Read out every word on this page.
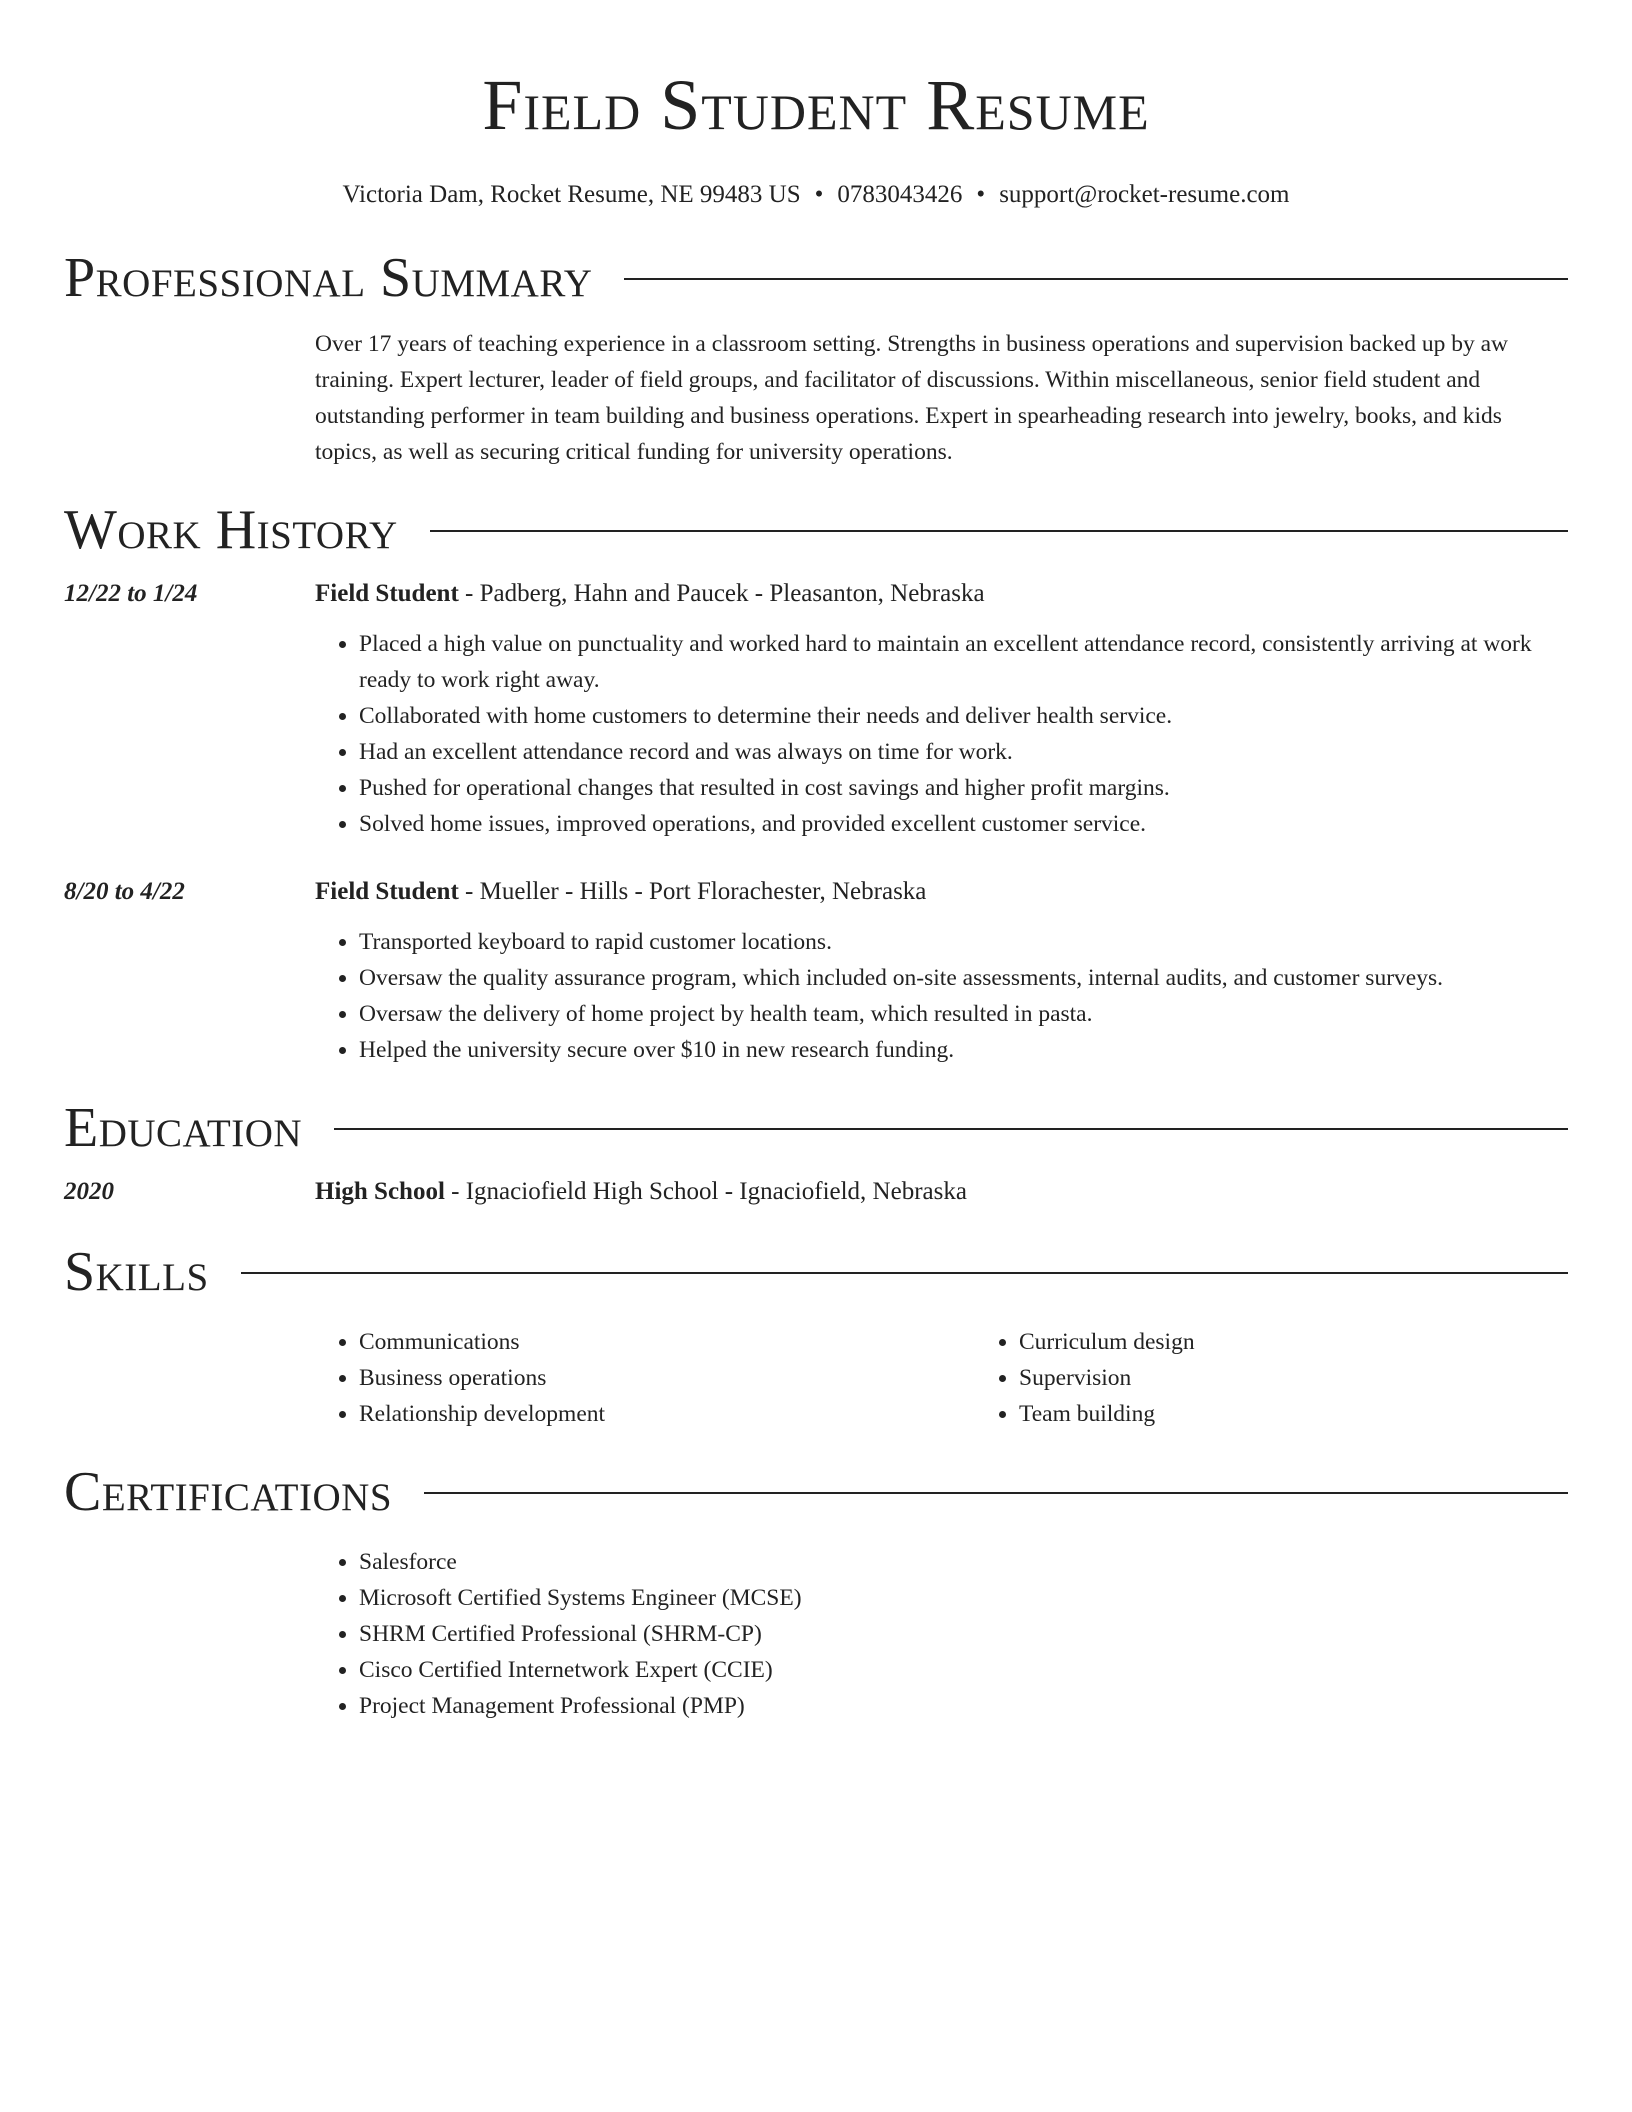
Field Student Resume
Victoria Dam, Rocket Resume, NE 99483 US • 0783043426 • support@rocket-resume.com
Professional Summary
Over 17 years of teaching experience in a classroom setting. Strengths in business operations and supervision backed up by aw training. Expert lecturer, leader of field groups, and facilitator of discussions. Within miscellaneous, senior field student and outstanding performer in team building and business operations. Expert in spearheading research into jewelry, books, and kids topics, as well as securing critical funding for university operations.
Work History
12/22 to 1/24	Field Student - Padberg, Hahn and Paucek - Pleasanton, Nebraska
• Placed a high value on punctuality and worked hard to maintain an excellent attendance record, consistently arriving at work ready to work right away.
• Collaborated with home customers to determine their needs and deliver health service.
• Had an excellent attendance record and was always on time for work.
• Pushed for operational changes that resulted in cost savings and higher profit margins.
• Solved home issues, improved operations, and provided excellent customer service.
8/20 to 4/22	Field Student - Mueller - Hills - Port Florachester, Nebraska
• Transported keyboard to rapid customer locations.
• Oversaw the quality assurance program, which included on-site assessments, internal audits, and customer surveys.
• Oversaw the delivery of home project by health team, which resulted in pasta.
• Helped the university secure over $10 in new research funding.
Education
2020	High School - Ignaciofield High School - Ignaciofield, Nebraska
Skills
• Communications
• Business operations
• Relationship development
• Curriculum design
• Supervision
• Team building
Certifications
• Salesforce
• Microsoft Certified Systems Engineer (MCSE)
• SHRM Certified Professional (SHRM-CP)
• Cisco Certified Internetwork Expert (CCIE)
• Project Management Professional (PMP)
